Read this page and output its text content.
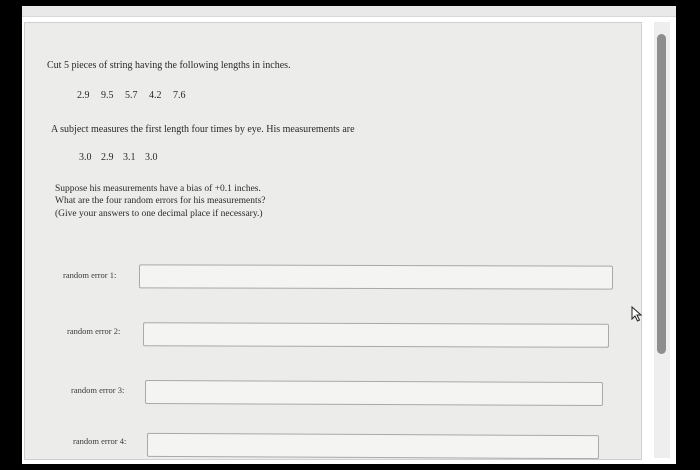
Cut 5 pieces of string having the following lengths in inches.
2.9 9.5 5.7 4.2 7.6
A subject measures the first length four times by eye. His measurements are
3.0 2.9 3.1 3.0
Suppose his measurements have a bias of +0.1 inches.
What are the four random errors for his measurements?
(Give your answers to one decimal place if necessary.)
random error 1:
random error 2:
random error 3:
random error 4:
